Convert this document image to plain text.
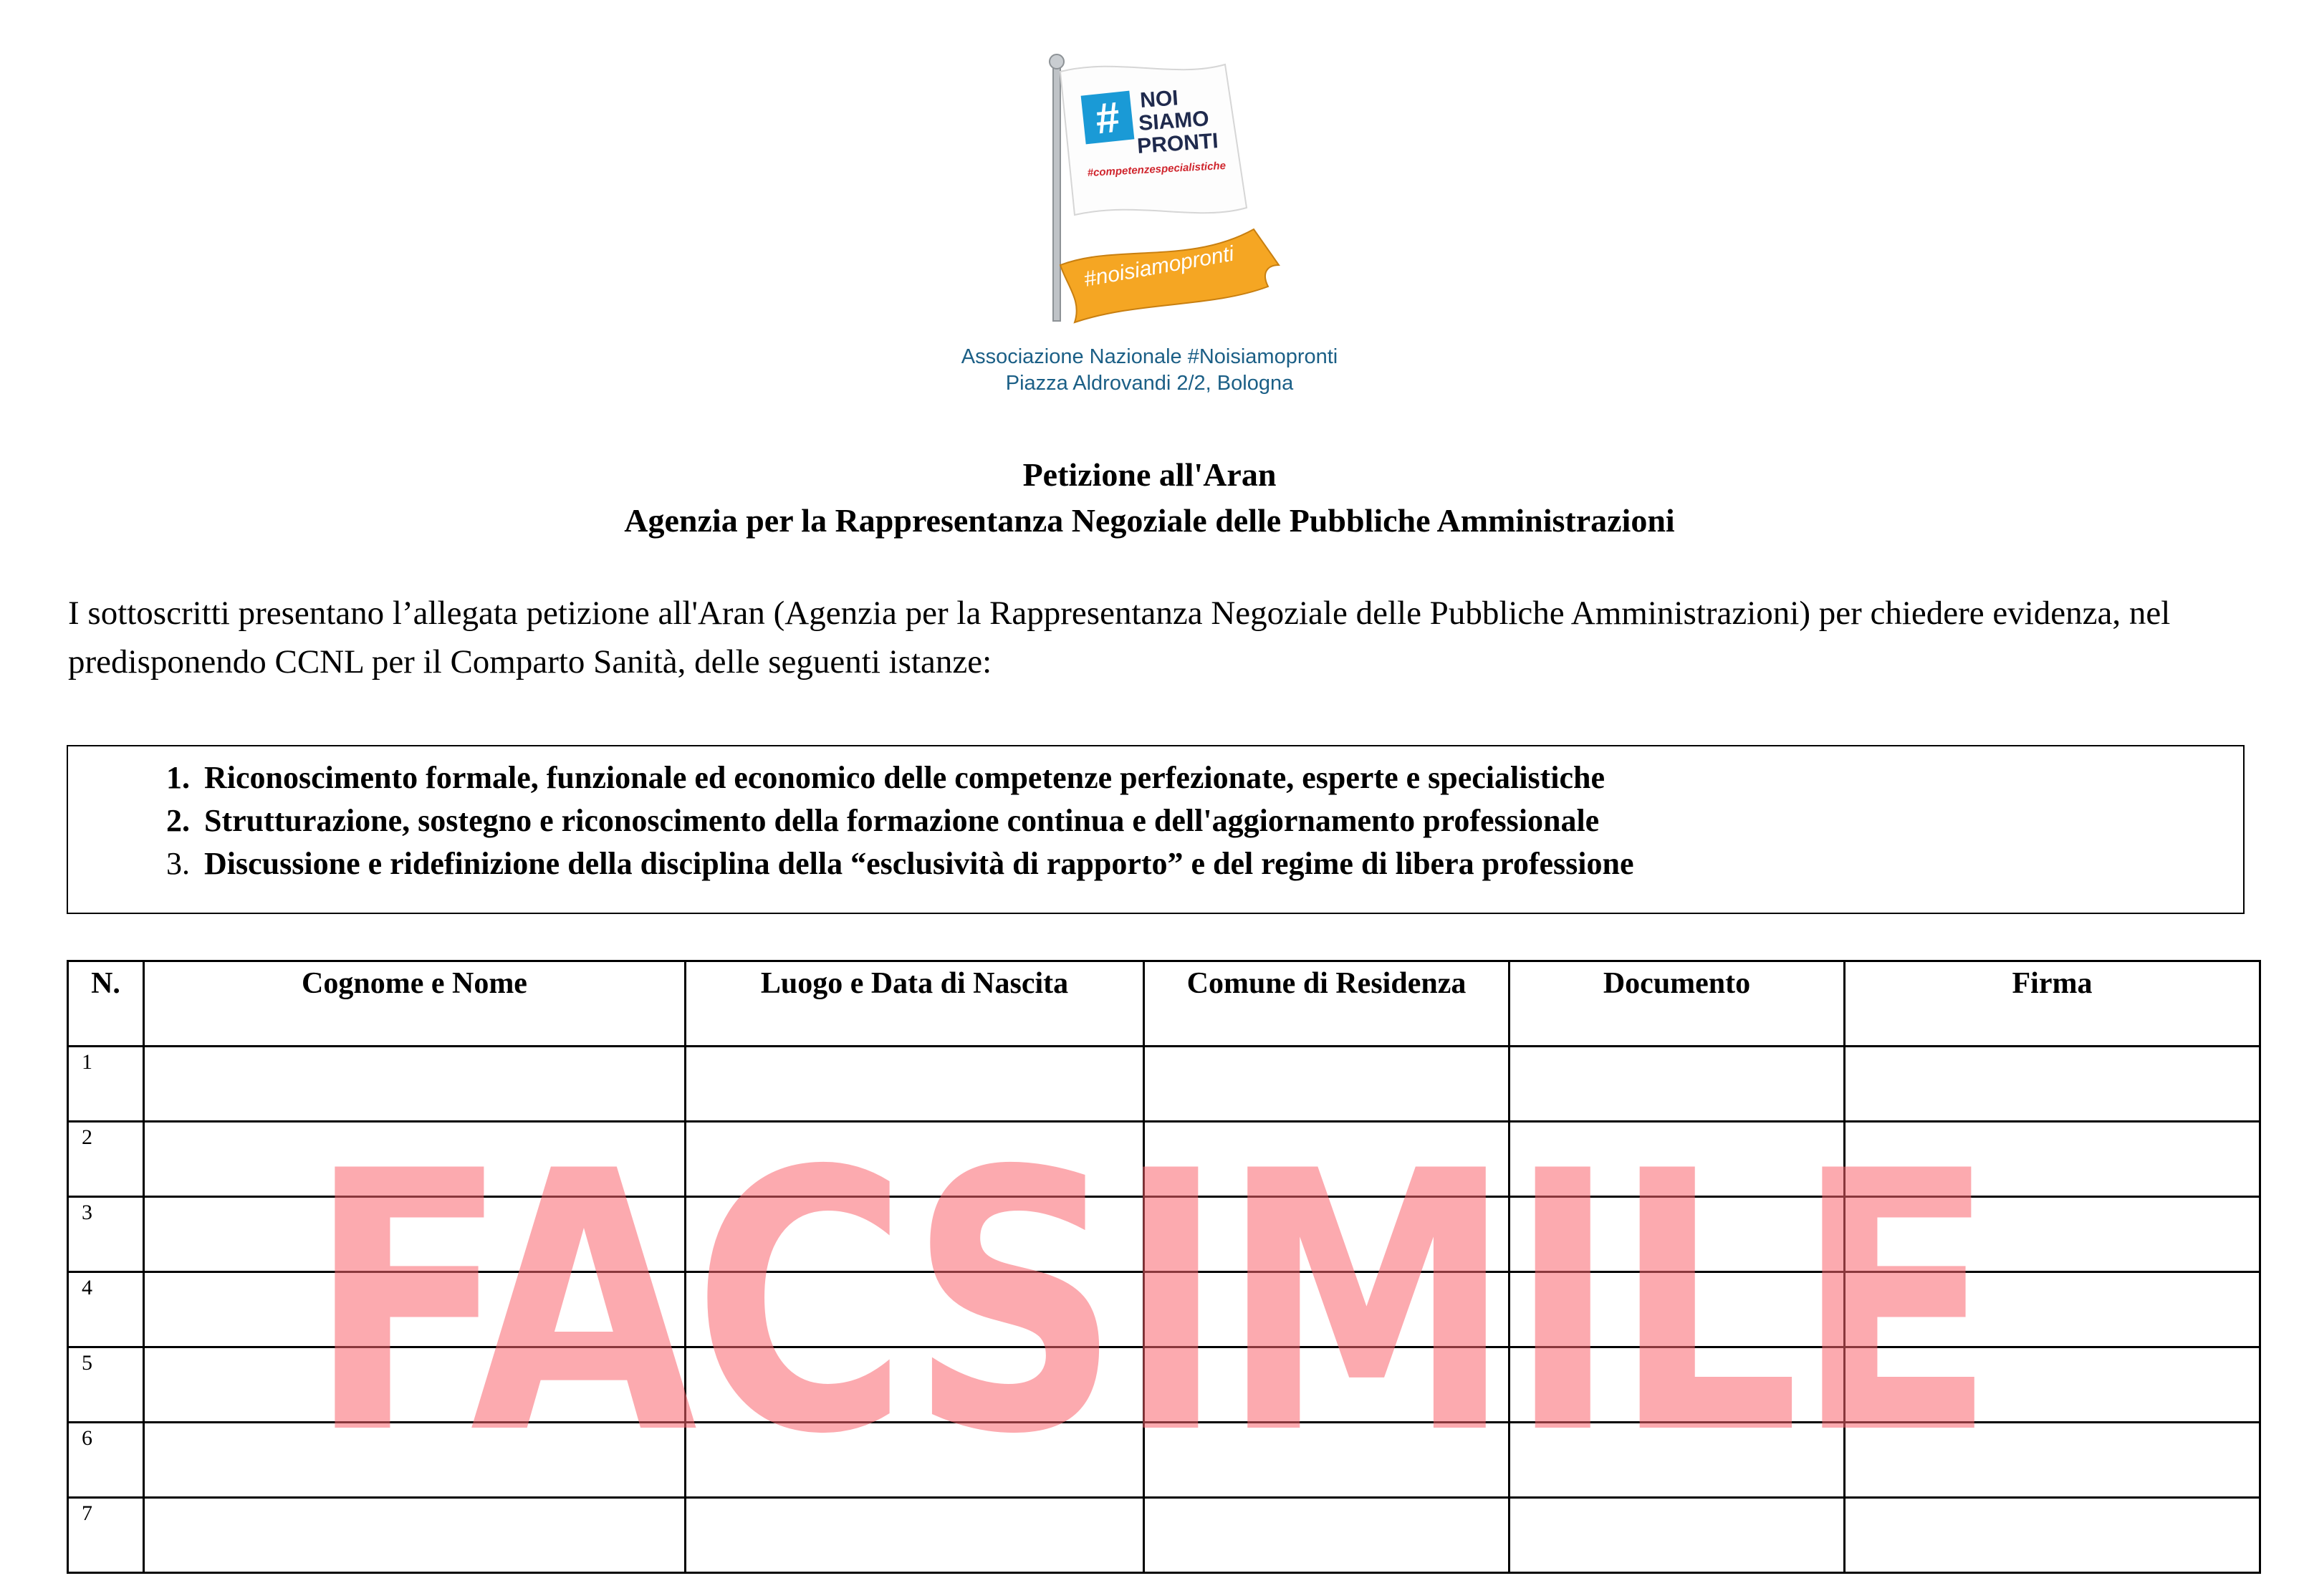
# NOI
SIAMO
PRONTI
#competenzespecialistiche
#noisiamopronti
Associazione Nazionale #Noisiamopronti
Piazza Aldrovandi 2/2, Bologna
Petizione all'Aran
Agenzia per la Rappresentanza Negoziale delle Pubbliche Amministrazioni
I sottoscritti presentano l’allegata petizione all'Aran (Agenzia per la Rappresentanza Negoziale delle Pubbliche Amministrazioni) per chiedere evidenza, nel predisponendo CCNL per il Comparto Sanità, delle seguenti istanze:
1. Riconoscimento formale, funzionale ed economico delle competenze perfezionate, esperte e specialistiche
2. Strutturazione, sostegno e riconoscimento della formazione continua e dell'aggiornamento professionale
3. Discussione e ridefinizione della disciplina della “esclusività di rapporto” e del regime di libera professione
N.	Cognome e Nome	Luogo e Data di Nascita	Comune di Residenza	Documento	Firma

1					

2					

3					

4					

5					

6					

7					

FACSIMILE
